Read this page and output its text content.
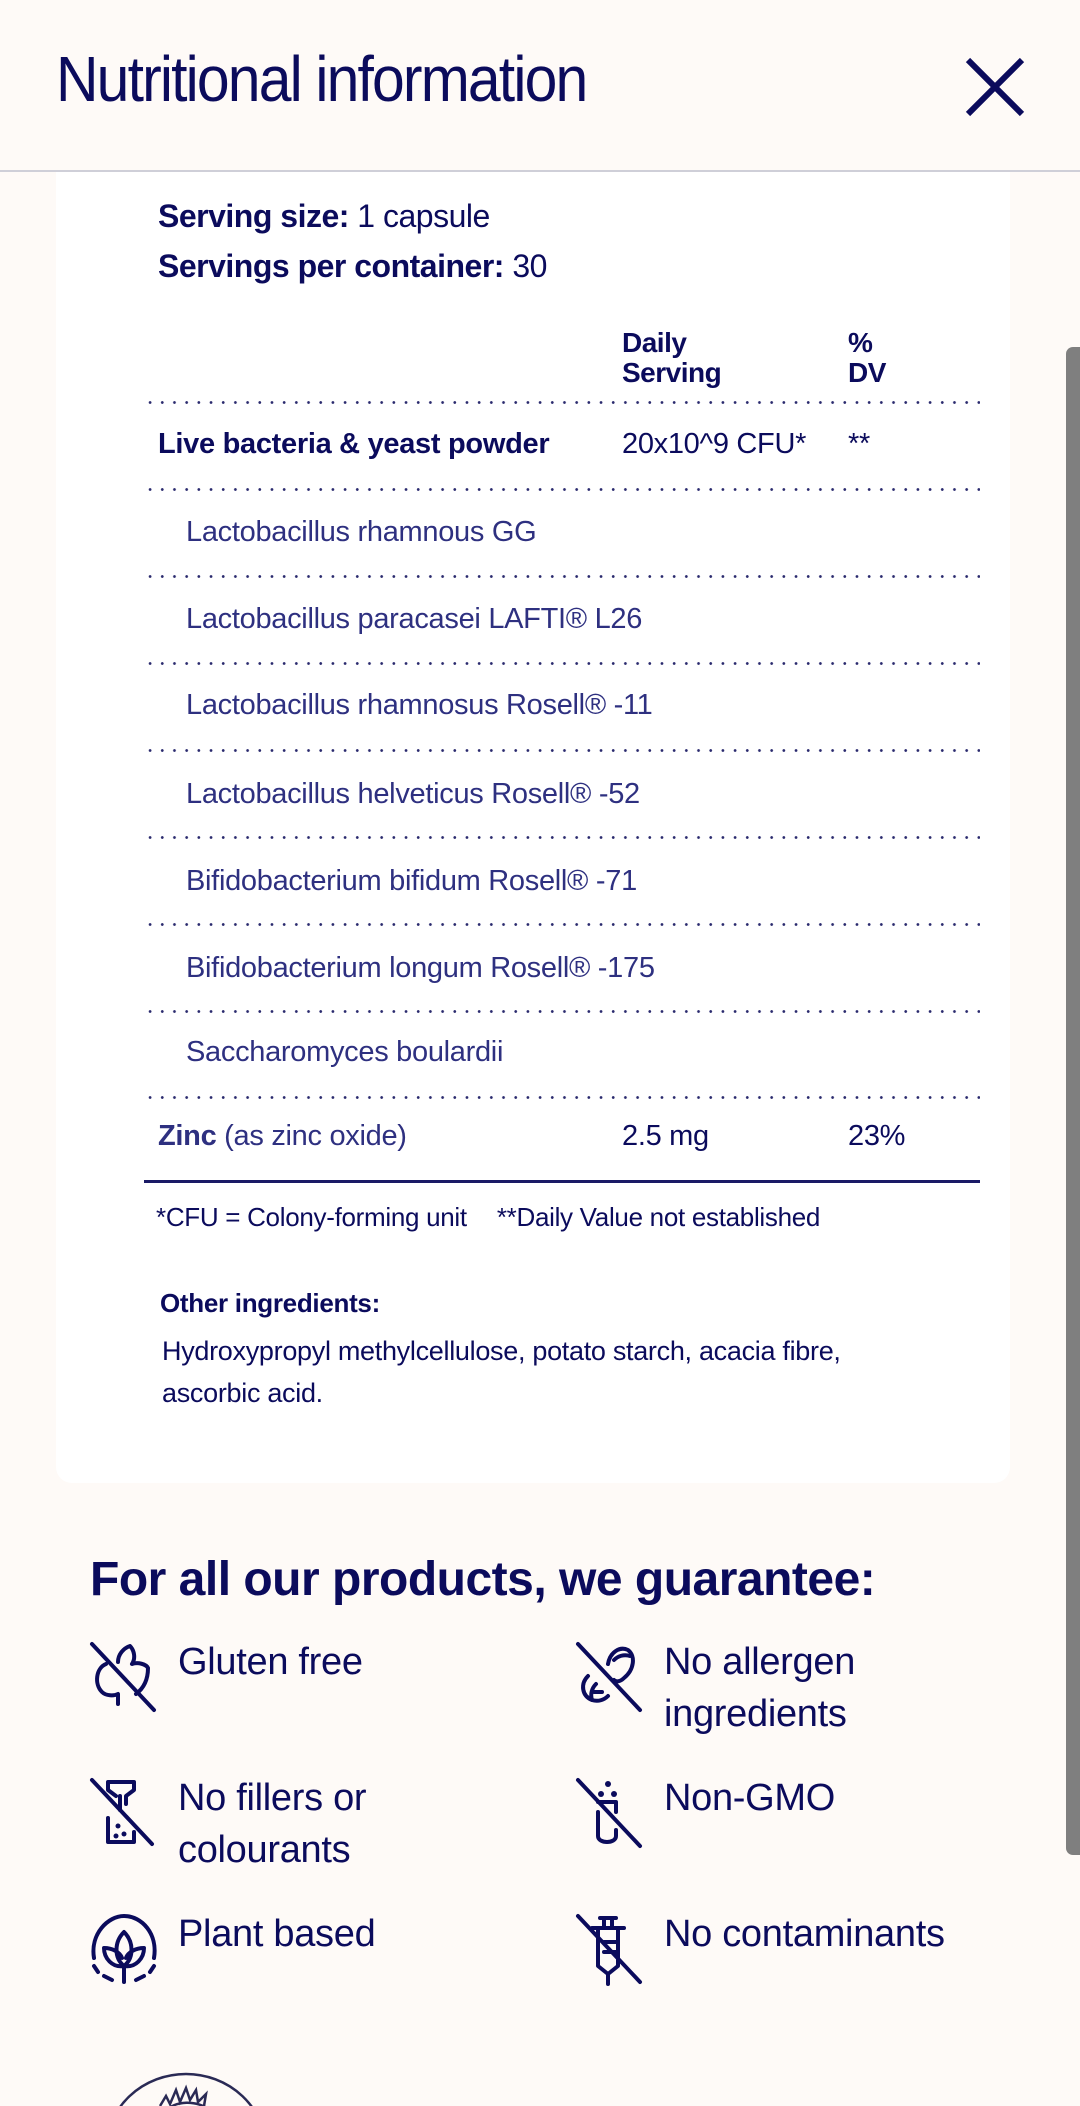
Nutritional information
Serving size: 1 capsule
Servings per container: 30
Daily
Serving
%
DV
Live bacteria & yeast powder	20x10^9 CFU* **
Lactobacillus rhamnous GG
Lactobacillus paracasei LAFTI® L26
Lactobacillus rhamnosus Rosell® -11
Lactobacillus helveticus Rosell® -52
Bifidobacterium bifidum Rosell® -71
Bifidobacterium longum Rosell® -175
Saccharomyces boulardii
Zinc (as zinc oxide)	2.5 mg	23%
*CFU = Colony-forming unit **Daily Value not established
Other ingredients:
Hydroxypropyl methylcellulose, potato starch, acacia fibre, ascorbic acid.
For all our products, we guarantee:
Gluten free	No allergen ingredients
No fillers or colourants
Non-GMO
Plant based	No contaminants
